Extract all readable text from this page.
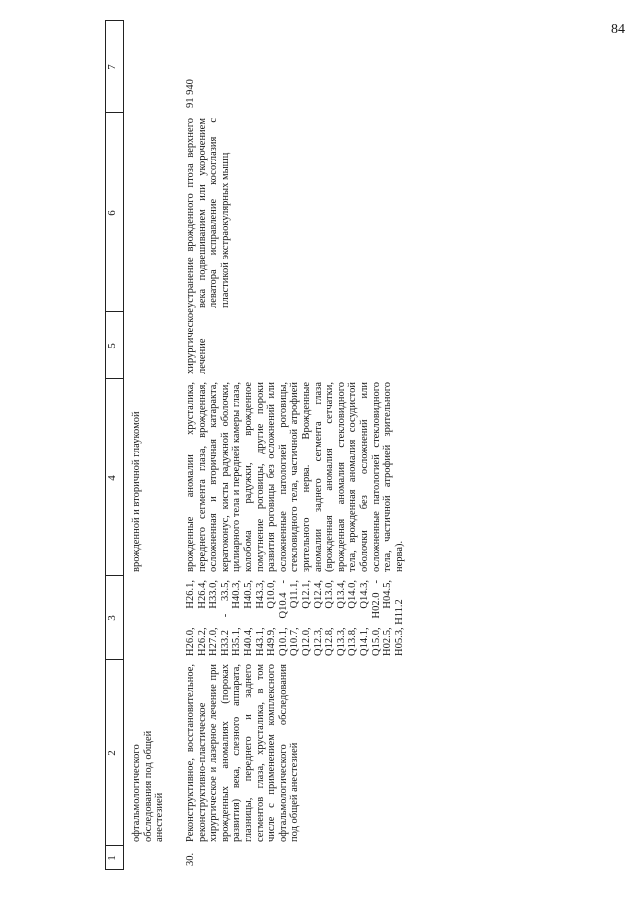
84
1
2
3
4
5
6
7
офтальмологического обследования под общей анестезией
врожденной и вторичной глаукомой
30.
Реконструктивное, восстановительное, реконструктивно-пластическое хирургическое и лазерное лечение при врожденных аномалиях (пороках развития) века, слезного аппарата, глазницы, переднего и заднего сегментов глаза, хрусталика, в том числе с применением комплексного офтальмологического обследования под общей анестезией
H26.0, H26.1, H26.2, H26.4, H27.0, H33.0, H33.2 - 33.5, H35.1, H40.3, H40.4, H40.5, H43.1, H43.3, H49.9, Q10.0, Q10.1, Q10.4 - Q10.7, Q11.1, Q12.0, Q12.1, Q12.3, Q12.4, Q12.8, Q13.0, Q13.3, Q13.4, Q13.8, Q14.0, Q14.1, Q14.3, Q15.0, H02.0 - H02.5, H04.5, H05.3, H11.2
врожденные аномалии хрусталика, переднего сегмента глаза, врожденная, осложненная и вторичная катаракта, кератоконус, кисты радужной оболочки, цилиарного тела и передней камеры глаза, колобома радужки, врожденное помутнение роговицы, другие пороки развития роговицы без осложнений или осложненные патологией роговицы, стекловидного тела, частичной атрофией зрительного нерва. Врожденные аномалии заднего сегмента глаза (врожденная аномалия сетчатки, врожденная аномалия стекловидного тела, врожденная аномалия сосудистой оболочки без осложнений или осложненные патологией стекловидного тела, частичной атрофией зрительного нерва).
хирургическое лечение
устранение врожденного птоза верхнего века подвешиванием или укорочением леватора исправление косоглазия с пластикой экстраокулярных мышц
91 940
